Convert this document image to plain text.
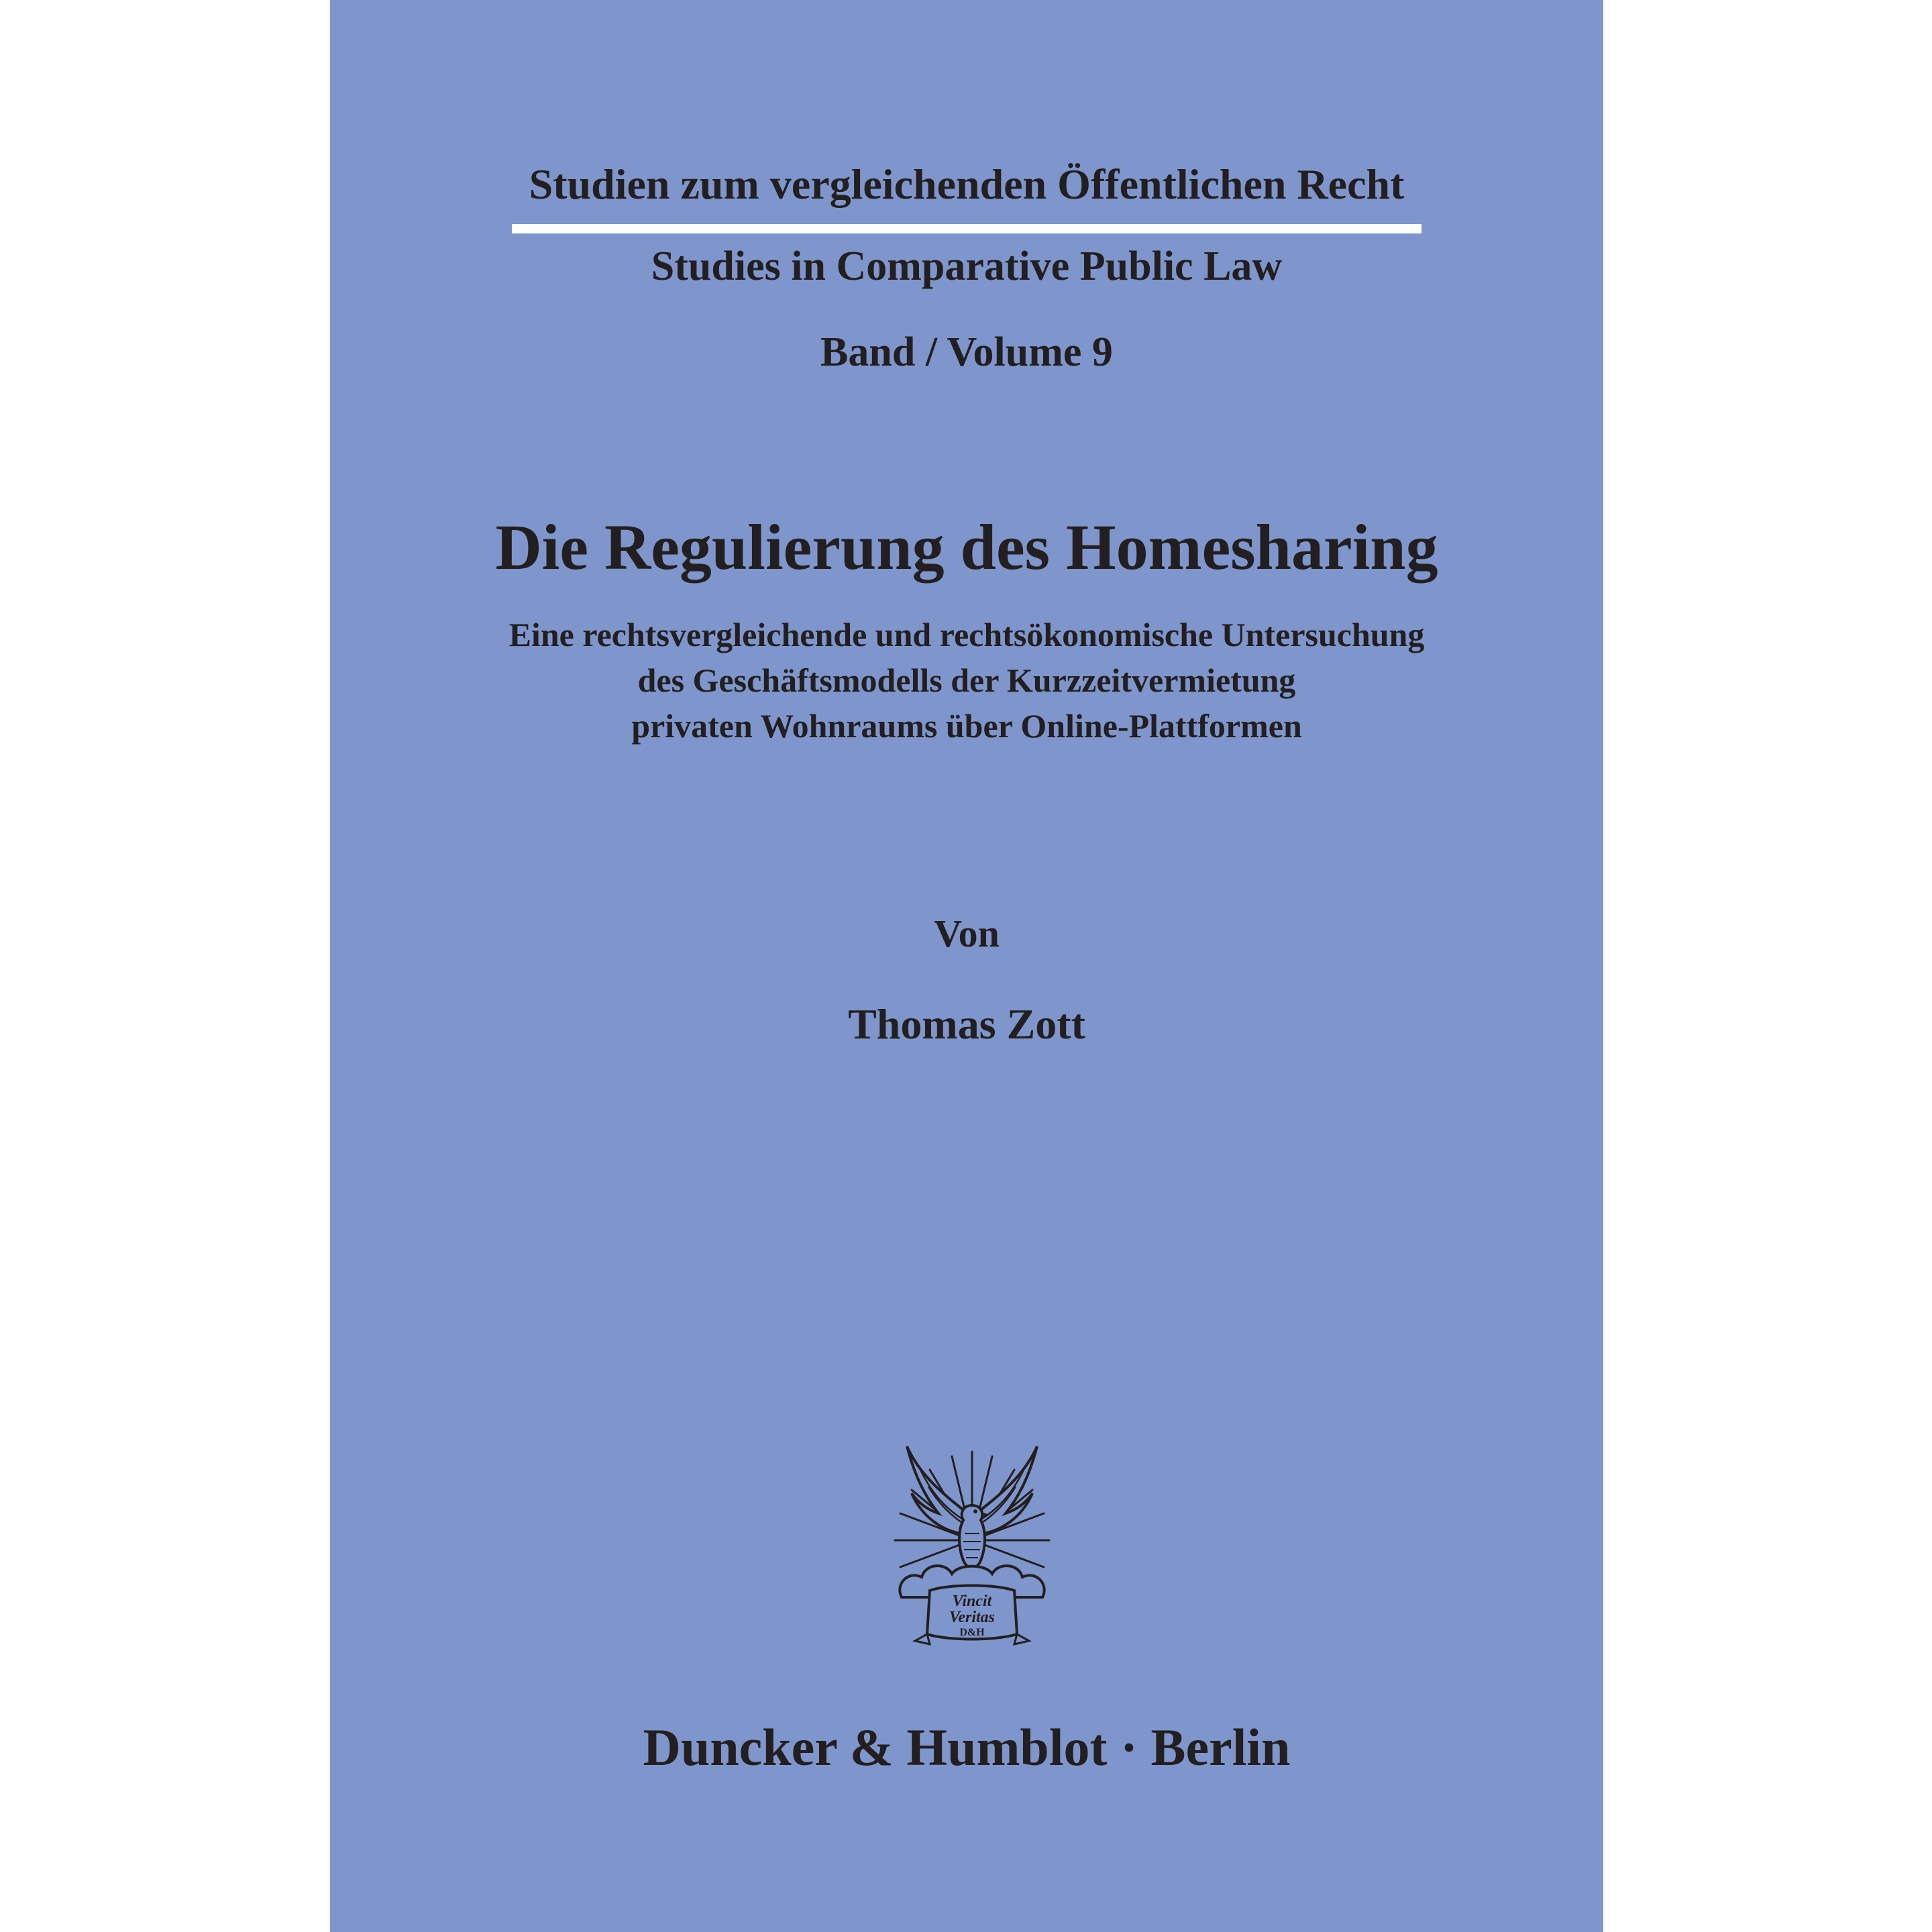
Studien zum vergleichenden Öffentlichen Recht
Studies in Comparative Public Law
Band / Volume 9
Die Regulierung des Homesharing
Eine rechtsvergleichende und rechtsökonomische Untersuchung
des Geschäftsmodells der Kurzzeitvermietung
privaten Wohnraums über Online-Plattformen
Von
Thomas Zott
Vincit
Veritas
D&H
Duncker & Humblot · Berlin
